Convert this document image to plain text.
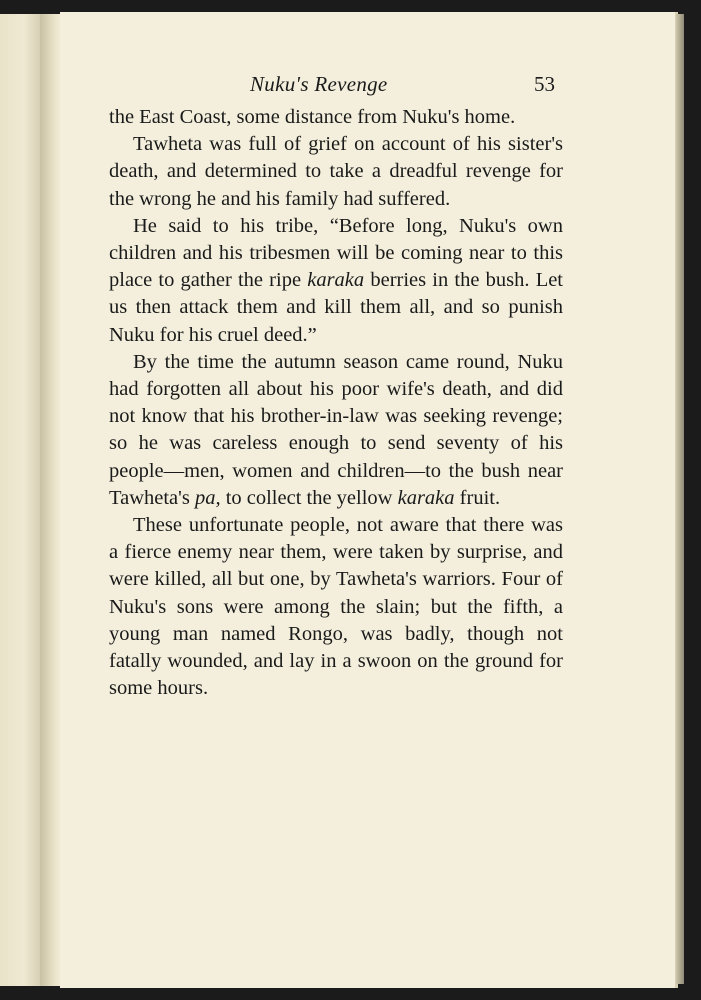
Nuku's Revenge	53

the East Coast, some distance from Nuku's home.

Tawheta was full of grief on account of his sister's death, and determined to take a dreadful revenge for the wrong he and his family had suffered.

He said to his tribe, “Before long, Nuku's own children and his tribesmen will be coming near to this place to gather the ripe karaka berries in the bush. Let us then attack them and kill them all, and so punish Nuku for his cruel deed.”

By the time the autumn season came round, Nuku had forgotten all about his poor wife's death, and did not know that his brother-in-law was seeking revenge; so he was careless enough to send seventy of his people—men, women and children—to the bush near Tawheta's pa, to collect the yellow karaka fruit.

These unfortunate people, not aware that there was a fierce enemy near them, were taken by surprise, and were killed, all but one, by Tawheta's warriors. Four of Nuku's sons were among the slain; but the fifth, a young man named Rongo, was badly, though not fatally wounded, and lay in a swoon on the ground for some hours.
